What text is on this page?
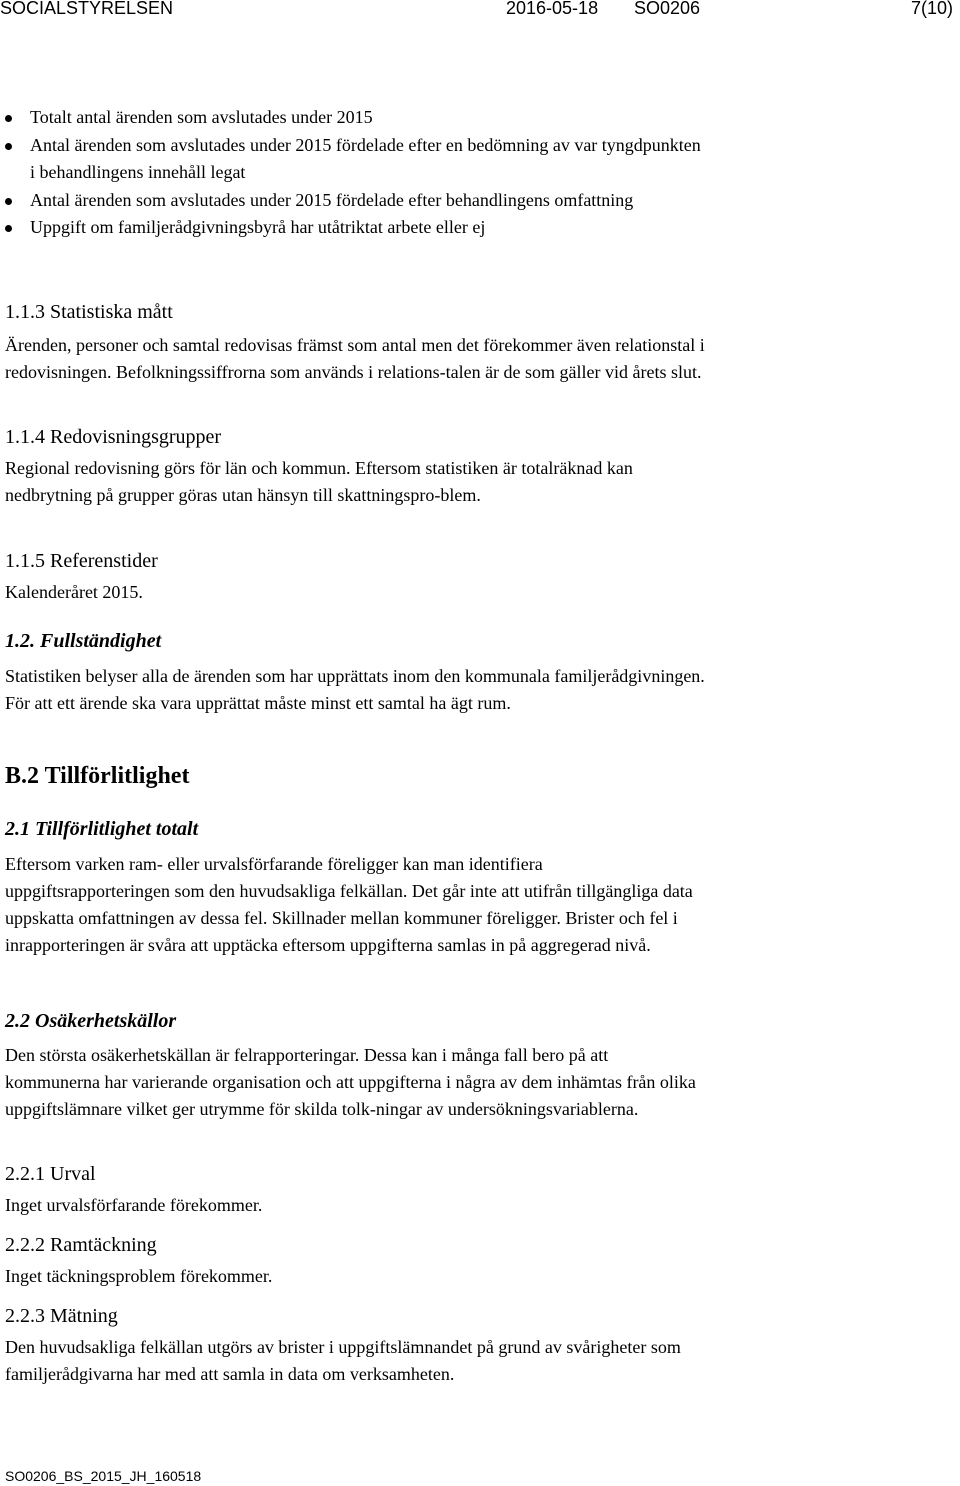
SOCIALSTYRELSEN	2016-05-18 SO0206	7(10)
Totalt antal ärenden som avslutades under 2015
Antal ärenden som avslutades under 2015 fördelade efter en bedömning av var tyngdpunkten i behandlingens innehåll legat
Antal ärenden som avslutades under 2015 fördelade efter behandlingens omfattning
Uppgift om familjerådgivningsbyrå har utåtriktat arbete eller ej
1.1.3 Statistiska mått

Ärenden, personer och samtal redovisas främst som antal men det förekommer även relationstal i redovisningen. Befolkningssiffrorna som används i relations-talen är de som gäller vid årets slut.

1.1.4 Redovisningsgrupper

Regional redovisning görs för län och kommun. Eftersom statistiken är totalräknad kan nedbrytning på grupper göras utan hänsyn till skattningspro-blem.

1.1.5 Referenstider

Kalenderåret 2015.

1.2. Fullständighet

Statistiken belyser alla de ärenden som har upprättats inom den kommunala familjerådgivningen. För att ett ärende ska vara upprättat måste minst ett samtal ha ägt rum.

B.2 Tillförlitlighet
2.1 Tillförlitlighet totalt

Eftersom varken ram- eller urvalsförfarande föreligger kan man identifiera uppgiftsrapporteringen som den huvudsakliga felkällan. Det går inte att utifrån tillgängliga data uppskatta omfattningen av dessa fel. Skillnader mellan kommuner föreligger. Brister och fel i inrapporteringen är svåra att upptäcka eftersom uppgifterna samlas in på aggregerad nivå.

2.2 Osäkerhetskällor

Den största osäkerhetskällan är felrapporteringar. Dessa kan i många fall bero på att kommunerna har varierande organisation och att uppgifterna i några av dem inhämtas från olika uppgiftslämnare vilket ger utrymme för skilda tolk-ningar av undersökningsvariablerna.

2.2.1 Urval

Inget urvalsförfarande förekommer.

2.2.2 Ramtäckning

Inget täckningsproblem förekommer.

2.2.3 Mätning

Den huvudsakliga felkällan utgörs av brister i uppgiftslämnandet på grund av svårigheter som familjerådgivarna har med att samla in data om verksamheten.

SO0206_BS_2015_JH_160518
